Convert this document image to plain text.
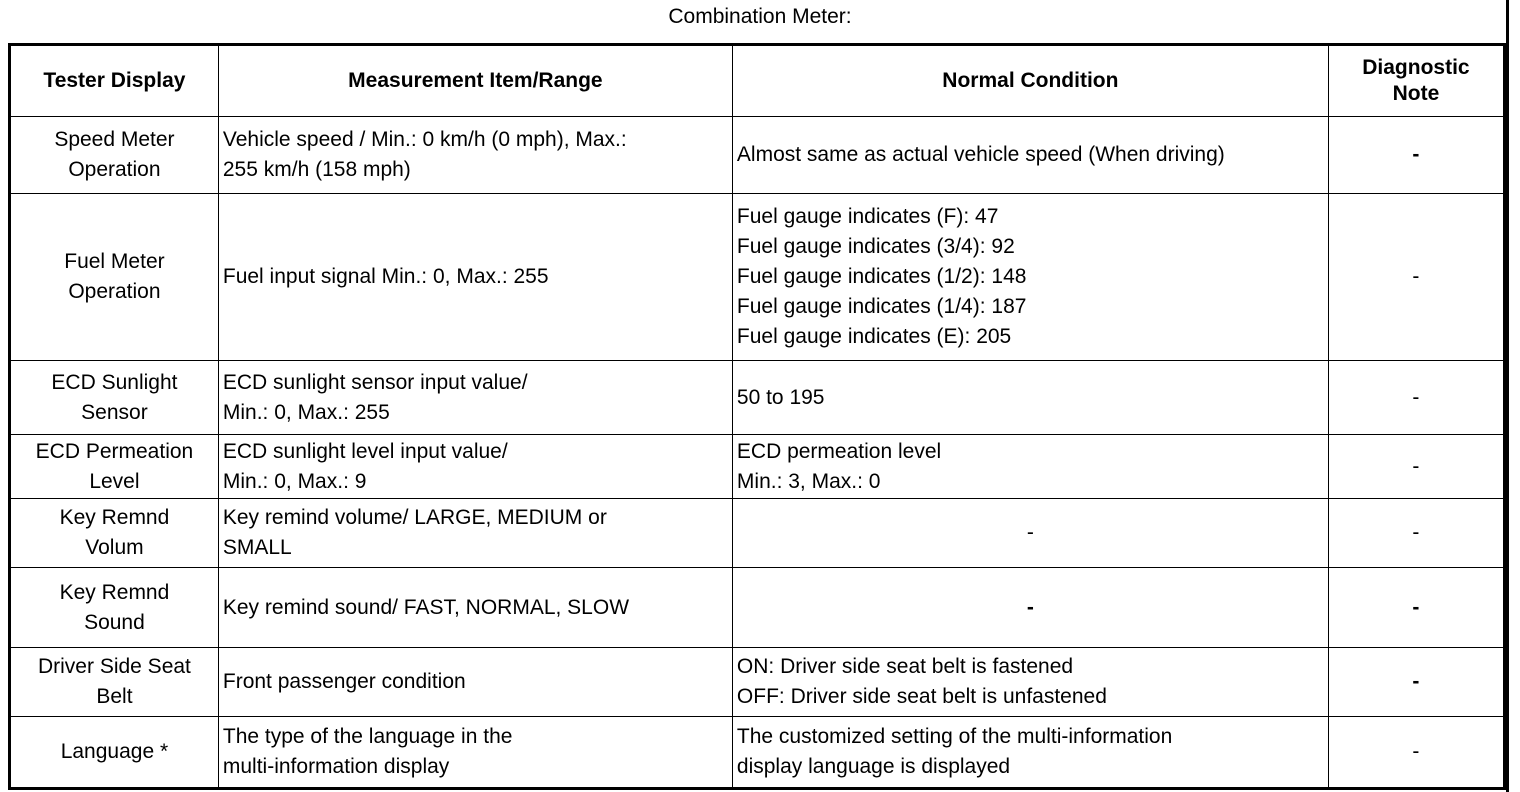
Combination Meter:
Tester Display	Measurement Item/Range	Normal Condition	Diagnostic
Note

Speed Meter
Operation	Vehicle speed / Min.: 0 km/h (0 mph), Max.:
255 km/h (158 mph)	Almost same as actual vehicle speed (When driving)	-

Fuel Meter
Operation	Fuel input signal Min.: 0, Max.: 255	Fuel gauge indicates (F): 47
Fuel gauge indicates (3/4): 92
Fuel gauge indicates (1/2): 148
Fuel gauge indicates (1/4): 187
Fuel gauge indicates (E): 205	-

ECD Sunlight
Sensor	ECD sunlight sensor input value/
Min.: 0, Max.: 255	50 to 195	-

ECD Permeation
Level	ECD sunlight level input value/
Min.: 0, Max.: 9	ECD permeation level
Min.: 3, Max.: 0	-

Key Remnd
Volum	Key remind volume/ LARGE, MEDIUM or
SMALL	-	-

Key Remnd
Sound	Key remind sound/ FAST, NORMAL, SLOW	-	-

Driver Side Seat
Belt	Front passenger condition	ON: Driver side seat belt is fastened
OFF: Driver side seat belt is unfastened	-

Language *	The type of the language in the
multi-information display	The customized setting of the multi-information
display language is displayed	-
